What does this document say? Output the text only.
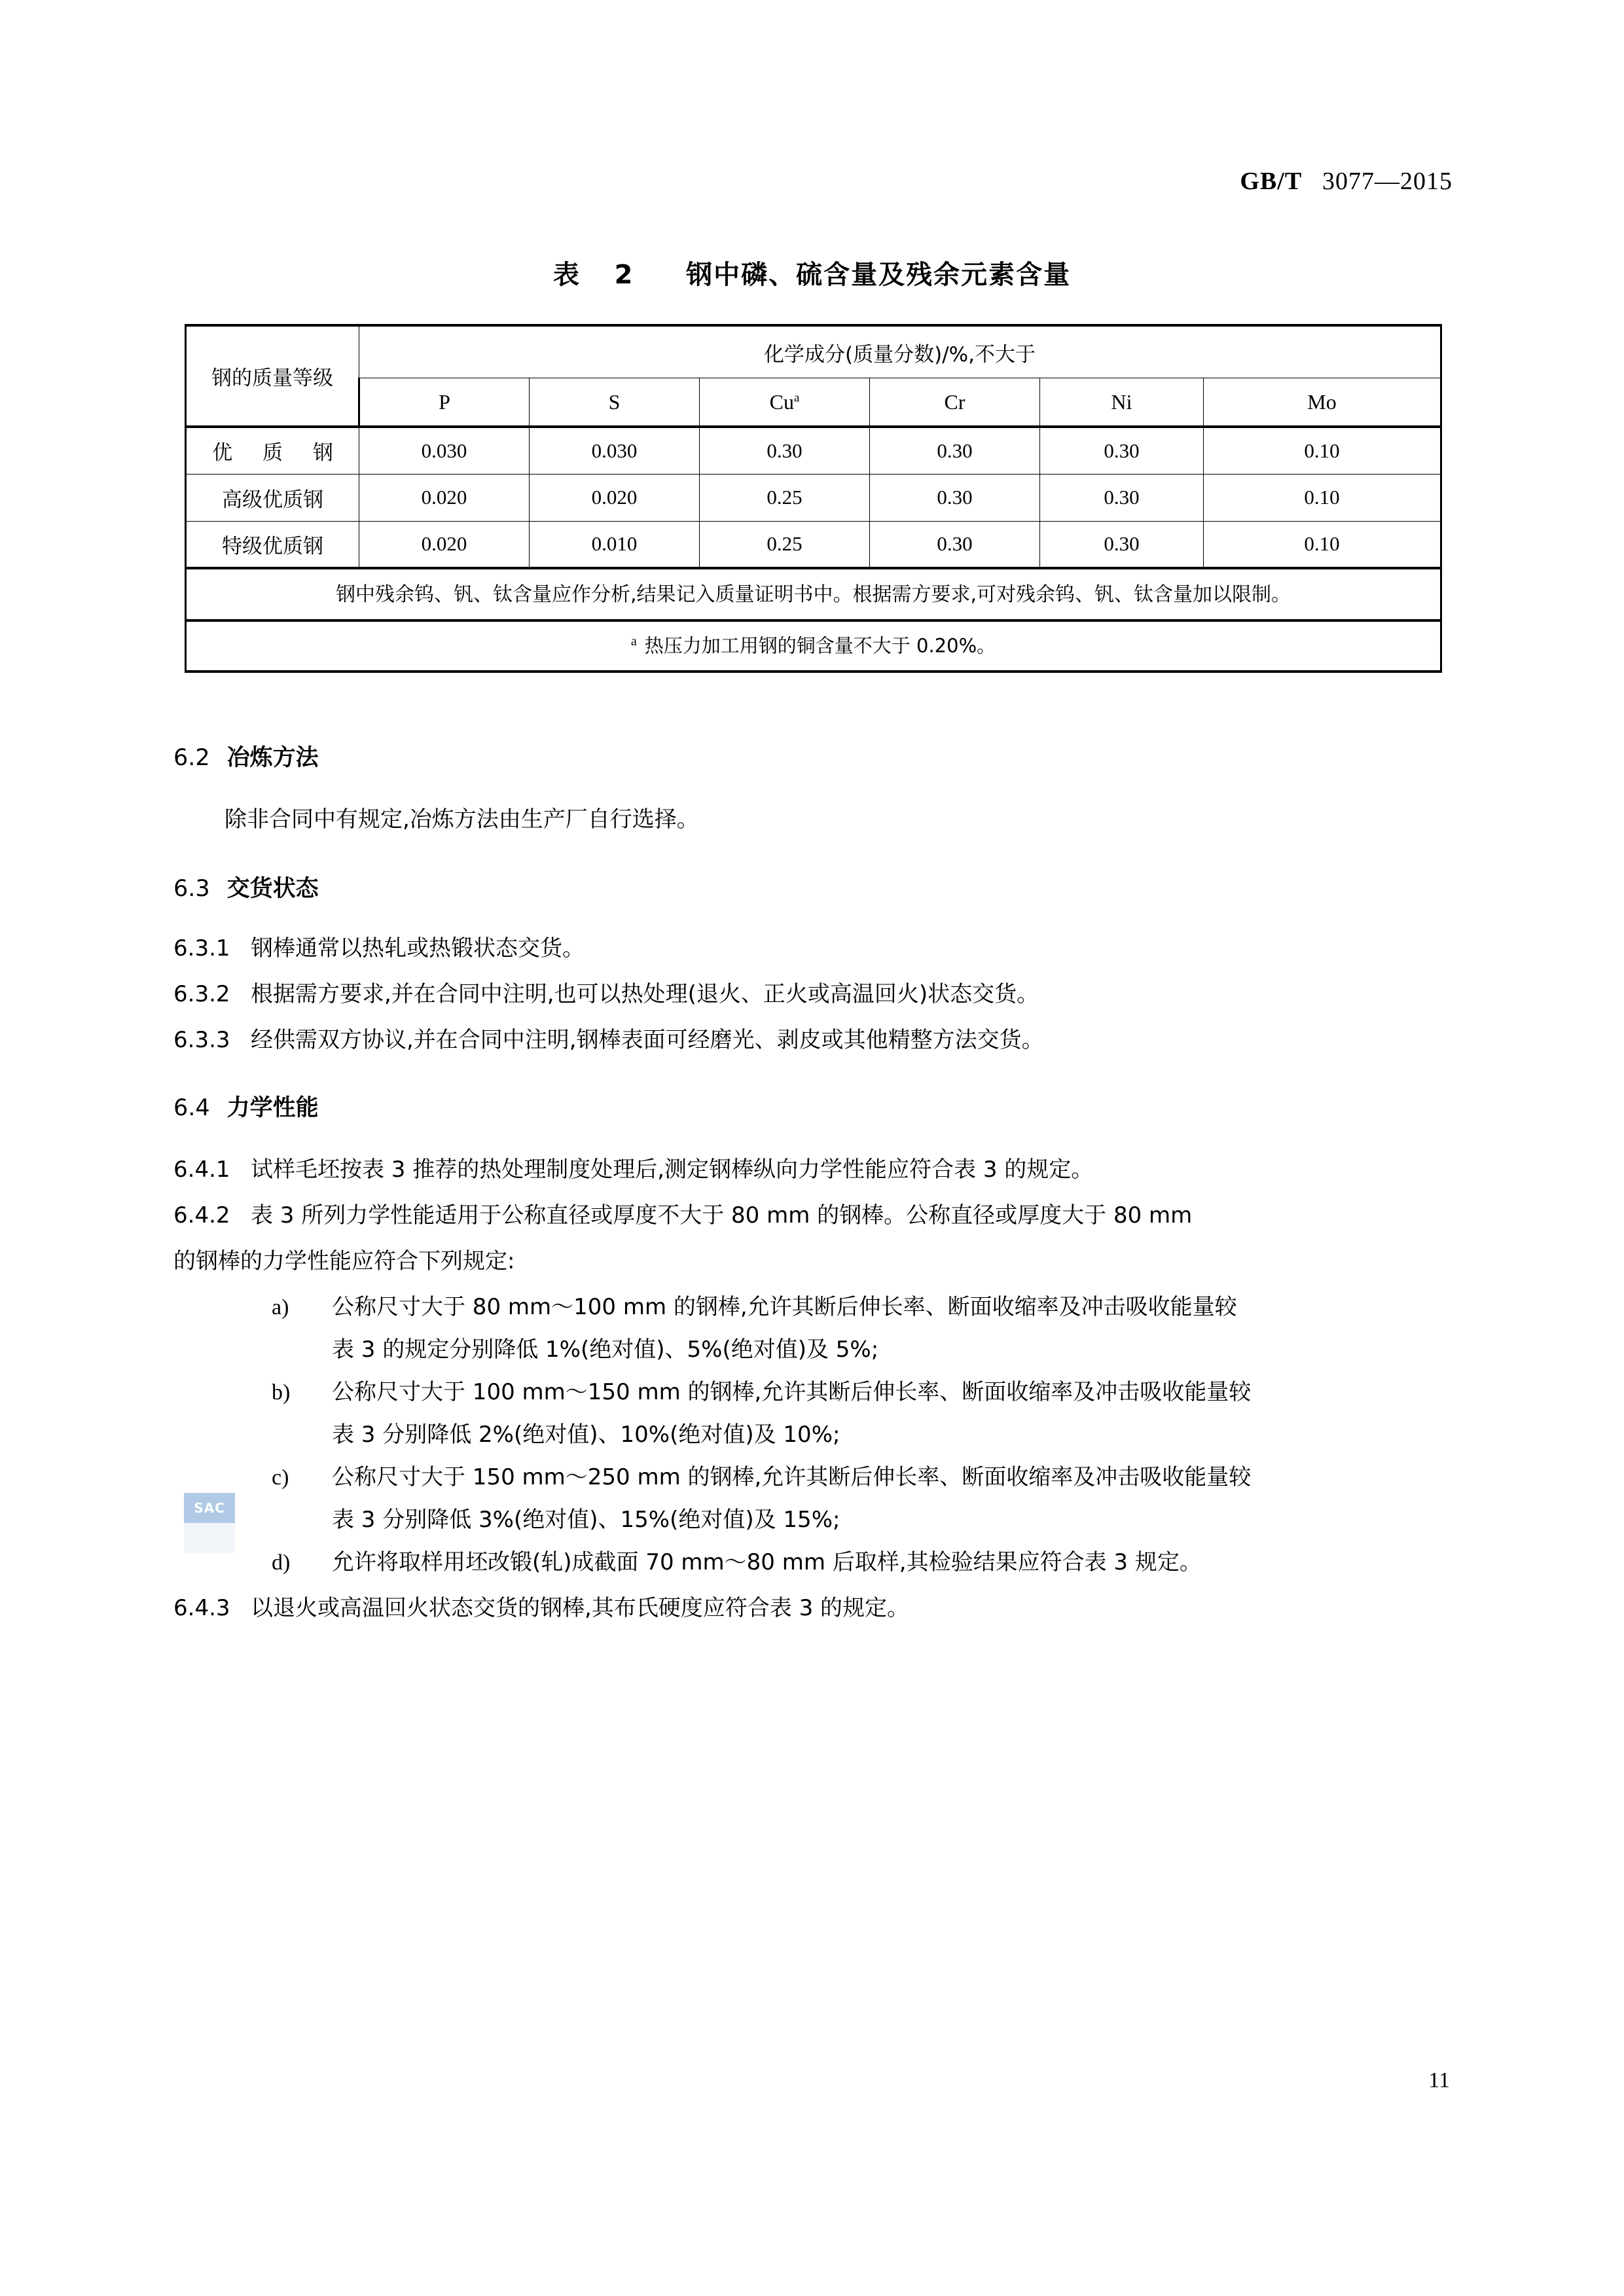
GB/T 3077—2015
表 2 钢中磷、硫含量及残余元素含量
钢的质量等级	化学成分(质量分数)/%,不大于					
	P	S	Cu$^a$	Cr	Ni	Mo
优 质 钢	0.030	0.030	0.30	0.30	0.30	0.10
高级优质钢	0.020	0.020	0.25	0.30	0.30	0.10
特级优质钢	0.020	0.010	0.25	0.30	0.30	0.10
钢中残余钨、钒、钛含量应作分析,结果记入质量证明书中。根据需方要求,可对残余钨、钒、钛含量加以限制。						
$^a$ 热压力加工用钢的铜含量不大于 0.20%。						
6.2 冶炼方法
除非合同中有规定,冶炼方法由生产厂自行选择。
6.3 交货状态
6.3.1 钢棒通常以热轧或热锻状态交货。
6.3.2 根据需方要求,并在合同中注明,也可以热处理(退火、正火或高温回火)状态交货。
6.3.3 经供需双方协议,并在合同中注明,钢棒表面可经磨光、剥皮或其他精整方法交货。
6.4 力学性能
6.4.1 试样毛坯按表 3 推荐的热处理制度处理后,测定钢棒纵向力学性能应符合表 3 的规定。
6.4.2 表 3 所列力学性能适用于公称直径或厚度不大于 80 mm 的钢棒。公称直径或厚度大于 80 mm
的钢棒的力学性能应符合下列规定:
a) 公称尺寸大于 80 mm～100 mm 的钢棒,允许其断后伸长率、断面收缩率及冲击吸收能量较
表 3 的规定分别降低 1%(绝对值)、5%(绝对值)及 5%;
b) 公称尺寸大于 100 mm～150 mm 的钢棒,允许其断后伸长率、断面收缩率及冲击吸收能量较
表 3 分别降低 2%(绝对值)、10%(绝对值)及 10%;
c) 公称尺寸大于 150 mm～250 mm 的钢棒,允许其断后伸长率、断面收缩率及冲击吸收能量较
表 3 分别降低 3%(绝对值)、15%(绝对值)及 15%;
d) 允许将取样用坯改锻(轧)成截面 70 mm～80 mm 后取样,其检验结果应符合表 3 规定。
6.4.3 以退火或高温回火状态交货的钢棒,其布氏硬度应符合表 3 的规定。
SAC
11
